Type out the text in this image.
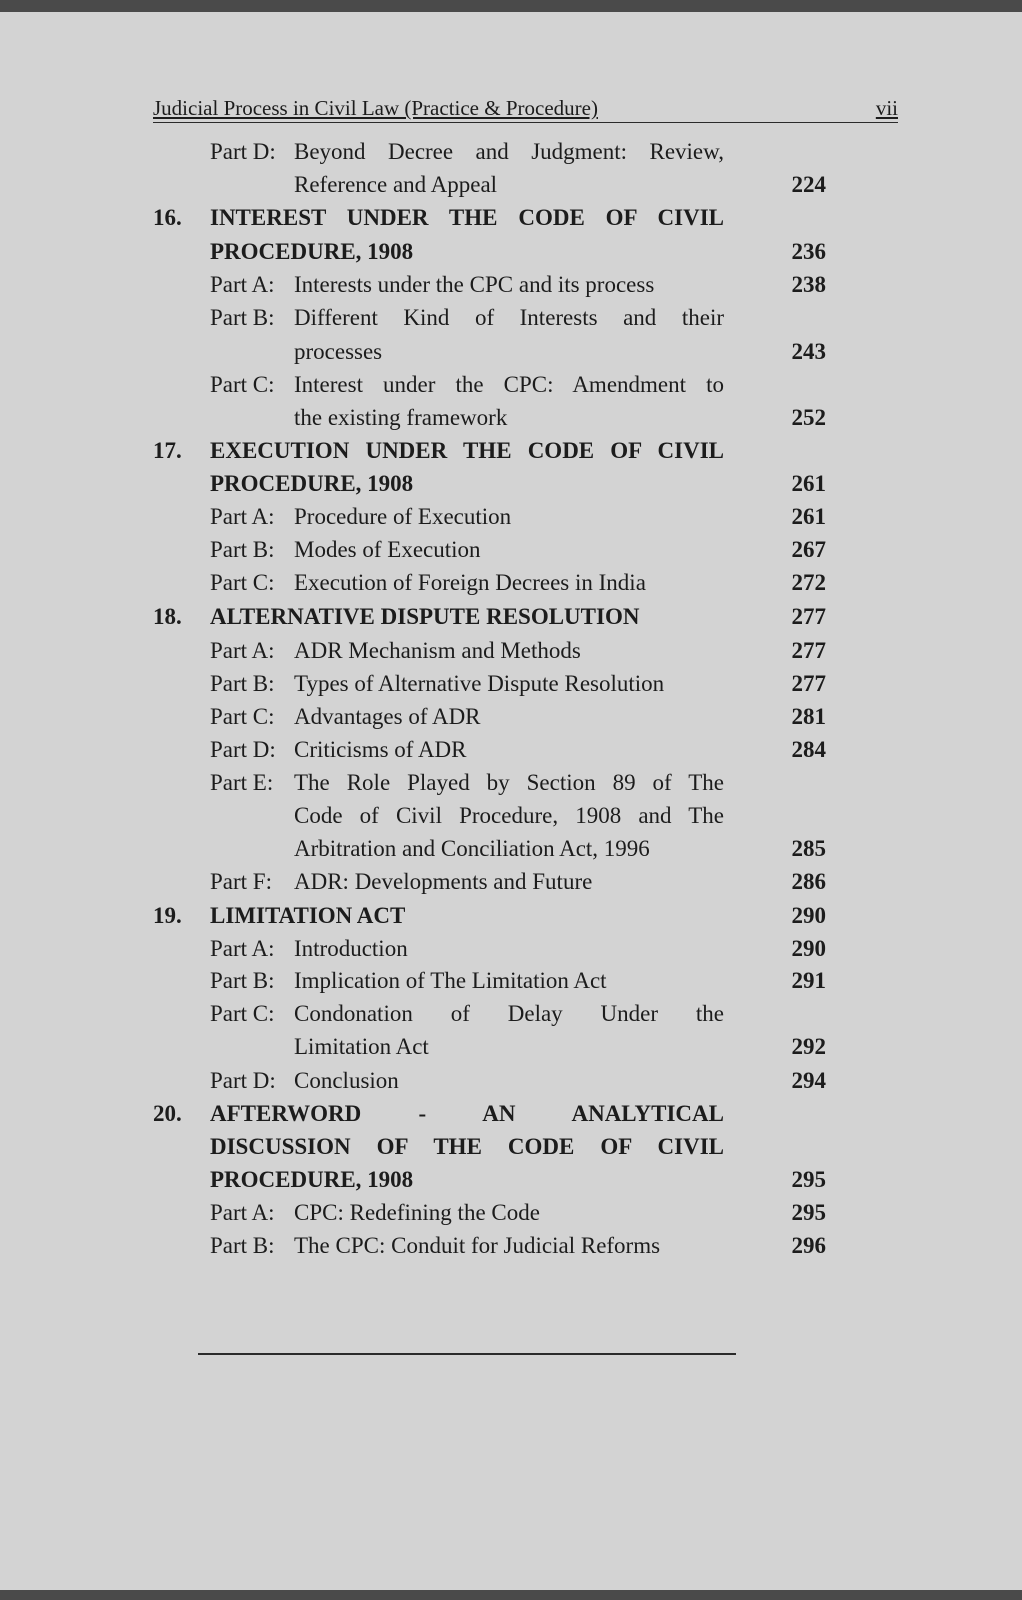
Judicial Process in Civil Law (Practice & Procedure)	vii
Part D: Beyond Decree and Judgment: Review,
Reference and Appeal	224
16. INTEREST UNDER THE CODE OF CIVIL
PROCEDURE, 1908	236
Part A: Interests under the CPC and its process	238
Part B: Different Kind of Interests and their
processes	243
Part C: Interest under the CPC: Amendment to
the existing framework	252
17. EXECUTION UNDER THE CODE OF CIVIL
PROCEDURE, 1908	261
Part A: Procedure of Execution	261
Part B: Modes of Execution	267
Part C: Execution of Foreign Decrees in India	272
18. ALTERNATIVE DISPUTE RESOLUTION	277
Part A: ADR Mechanism and Methods	277
Part B: Types of Alternative Dispute Resolution	277
Part C: Advantages of ADR	281
Part D: Criticisms of ADR	284
Part E: The Role Played by Section 89 of The
Code of Civil Procedure, 1908 and The
Arbitration and Conciliation Act, 1996	285
Part F: ADR: Developments and Future	286
19. LIMITATION ACT	290
Part A: Introduction	290
Part B: Implication of The Limitation Act	291
Part C: Condonation of Delay Under the
Limitation Act	292
Part D: Conclusion	294
20. AFTERWORD - AN ANALYTICAL
DISCUSSION OF THE CODE OF CIVIL
PROCEDURE, 1908	295
Part A: CPC: Redefining the Code	295
Part B: The CPC: Conduit for Judicial Reforms	296
